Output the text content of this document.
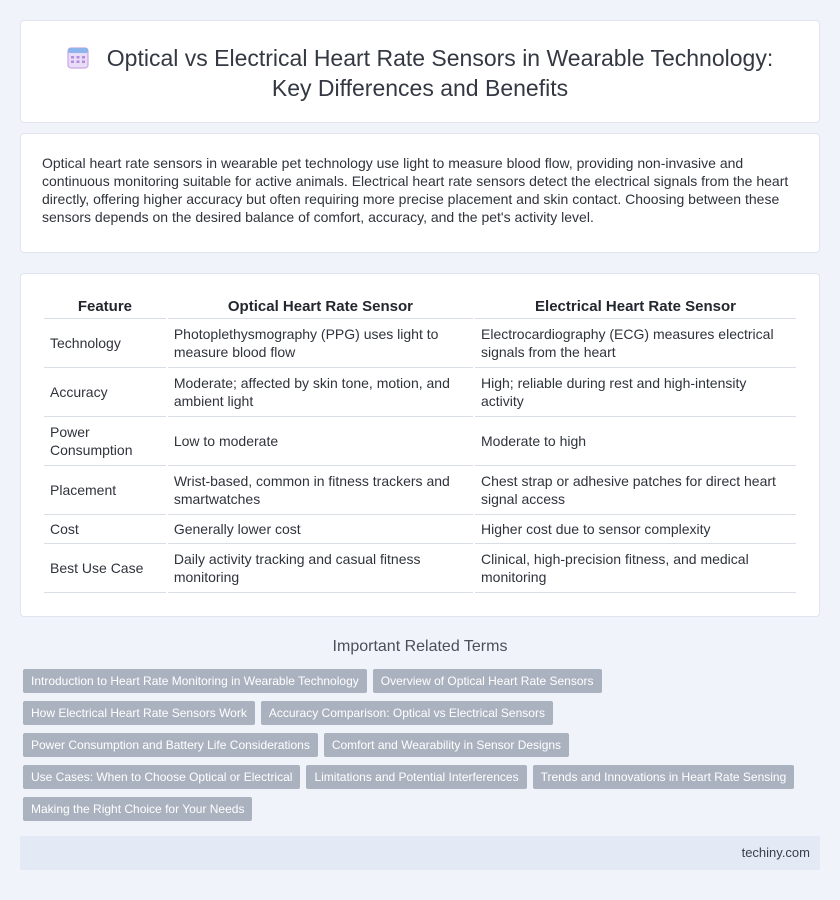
Optical vs Electrical Heart Rate Sensors in Wearable Technology:
Key Differences and Benefits

Optical heart rate sensors in wearable pet technology use light to measure blood flow, providing non-invasive and continuous monitoring suitable for active animals. Electrical heart rate sensors detect the electrical signals from the heart directly, offering higher accuracy but often requiring more precise placement and skin contact. Choosing between these sensors depends on the desired balance of comfort, accuracy, and the pet's activity level.

Feature	Optical Heart Rate Sensor	Electrical Heart Rate Sensor
Technology	Photoplethysmography (PPG) uses light to measure blood flow	Electrocardiography (ECG) measures electrical signals from the heart
Accuracy	Moderate; affected by skin tone, motion, and ambient light	High; reliable during rest and high-intensity activity
Power Consumption	Low to moderate	Moderate to high
Placement	Wrist-based, common in fitness trackers and smartwatches	Chest strap or adhesive patches for direct heart signal access
Cost	Generally lower cost	Higher cost due to sensor complexity
Best Use Case	Daily activity tracking and casual fitness monitoring	Clinical, high-precision fitness, and medical monitoring
Important Related Terms
Introduction to Heart Rate Monitoring in Wearable Technology	Overview of Optical Heart Rate Sensors
How Electrical Heart Rate Sensors Work	Accuracy Comparison: Optical vs Electrical Sensors
Power Consumption and Battery Life Considerations	Comfort and Wearability in Sensor Designs
Use Cases: When to Choose Optical or Electrical	Limitations and Potential Interferences	Trends and Innovations in Heart Rate Sensing
Making the Right Choice for Your Needs
techiny.com
